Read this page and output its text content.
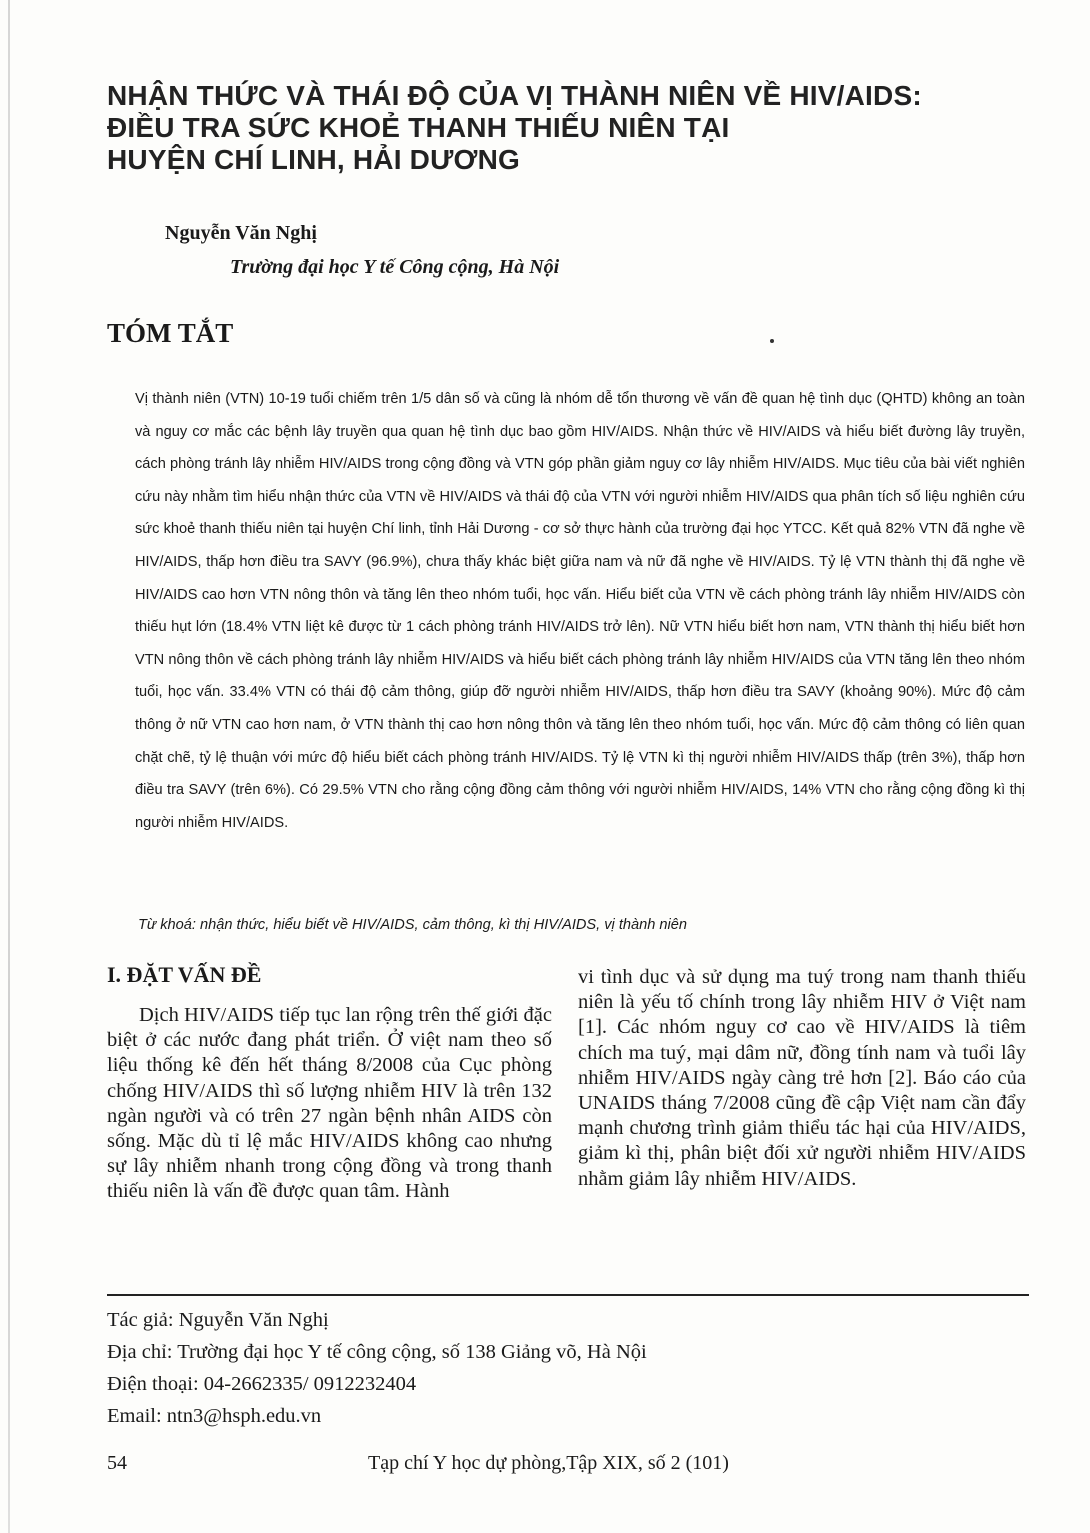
NHẬN THỨC VÀ THÁI ĐỘ CỦA VỊ THÀNH NIÊN VỀ HIV/AIDS:
ĐIỀU TRA SỨC KHOẺ THANH THIẾU NIÊN TẠI
HUYỆN CHÍ LINH, HẢI DƯƠNG
Nguyễn Văn Nghị
Trường đại học Y tế Công cộng, Hà Nội
TÓM TẮT
Vị thành niên (VTN) 10-19 tuổi chiếm trên 1/5 dân số và cũng là nhóm dễ tổn thương về vấn đề quan hệ tình dục (QHTD) không an toàn và nguy cơ mắc các bệnh lây truyền qua quan hệ tình dục bao gồm HIV/AIDS. Nhận thức về HIV/AIDS và hiểu biết đường lây truyền, cách phòng tránh lây nhiễm HIV/AIDS trong cộng đồng và VTN góp phần giảm nguy cơ lây nhiễm HIV/AIDS. Mục tiêu của bài viết nghiên cứu này nhằm tìm hiểu nhận thức của VTN về HIV/AIDS và thái độ của VTN với người nhiễm HIV/AIDS qua phân tích số liệu nghiên cứu sức khoẻ thanh thiếu niên tại huyện Chí linh, tỉnh Hải Dương - cơ sở thực hành của trường đại học YTCC. Kết quả 82% VTN đã nghe về HIV/AIDS, thấp hơn điều tra SAVY (96.9%), chưa thấy khác biệt giữa nam và nữ đã nghe về HIV/AIDS. Tỷ lệ VTN thành thị đã nghe về HIV/AIDS cao hơn VTN nông thôn và tăng lên theo nhóm tuổi, học vấn. Hiểu biết của VTN về cách phòng tránh lây nhiễm HIV/AIDS còn thiếu hụt lớn (18.4% VTN liệt kê được từ 1 cách phòng tránh HIV/AIDS trở lên). Nữ VTN hiểu biết hơn nam, VTN thành thị hiểu biết hơn VTN nông thôn về cách phòng tránh lây nhiễm HIV/AIDS và hiểu biết cách phòng tránh lây nhiễm HIV/AIDS của VTN tăng lên theo nhóm tuổi, học vấn. 33.4% VTN có thái độ cảm thông, giúp đỡ người nhiễm HIV/AIDS, thấp hơn điều tra SAVY (khoảng 90%). Mức độ cảm thông ở nữ VTN cao hơn nam, ở VTN thành thị cao hơn nông thôn và tăng lên theo nhóm tuổi, học vấn. Mức độ cảm thông có liên quan chặt chẽ, tỷ lệ thuận với mức độ hiểu biết cách phòng tránh HIV/AIDS. Tỷ lệ VTN kì thị người nhiễm HIV/AIDS thấp (trên 3%), thấp hơn điều tra SAVY (trên 6%). Có 29.5% VTN cho rằng cộng đồng cảm thông với người nhiễm HIV/AIDS, 14% VTN cho rằng cộng đồng kì thị người nhiễm HIV/AIDS.
Từ khoá: nhận thức, hiểu biết về HIV/AIDS, cảm thông, kì thị HIV/AIDS, vị thành niên
I. ĐẶT VẤN ĐỀ
Dịch HIV/AIDS tiếp tục lan rộng trên thế giới đặc biệt ở các nước đang phát triển. Ở việt nam theo số liệu thống kê đến hết tháng 8/2008 của Cục phòng chống HIV/AIDS thì số lượng nhiễm HIV là trên 132 ngàn người và có trên 27 ngàn bệnh nhân AIDS còn sống. Mặc dù tỉ lệ mắc HIV/AIDS không cao nhưng sự lây nhiễm nhanh trong cộng đồng và trong thanh thiếu niên là vấn đề được quan tâm. Hành
vi tình dục và sử dụng ma tuý trong nam thanh thiếu niên là yếu tố chính trong lây nhiễm HIV ở Việt nam [1]. Các nhóm nguy cơ cao về HIV/AIDS là tiêm chích ma tuý, mại dâm nữ, đồng tính nam và tuổi lây nhiễm HIV/AIDS ngày càng trẻ hơn [2]. Báo cáo của UNAIDS tháng 7/2008 cũng đề cập Việt nam cần đẩy mạnh chương trình giảm thiểu tác hại của HIV/AIDS, giảm kì thị, phân biệt đối xử người nhiễm HIV/AIDS nhằm giảm lây nhiễm HIV/AIDS.
Tác giả: Nguyễn Văn Nghị
Địa chỉ: Trường đại học Y tế công cộng, số 138 Giảng võ, Hà Nội
Điện thoại: 04-2662335/ 0912232404
Email: ntn3@hsph.edu.vn
54	Tạp chí Y học dự phòng,Tập XIX, số 2 (101)
